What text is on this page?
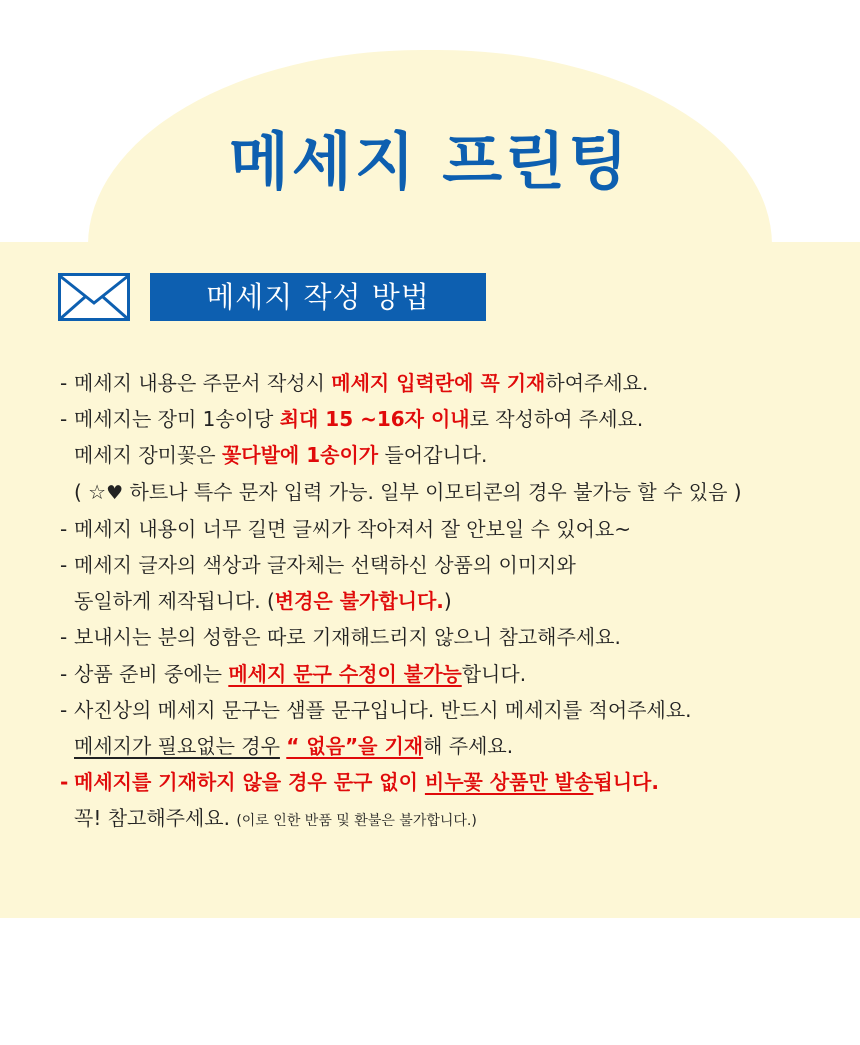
메세지 프린팅
메세지 작성 방법
- 메세지 내용은 주문서 작성시 메세지 입력란에 꼭 기재하여주세요.
- 메세지는 장미 1송이당 최대 15 ~16자 이내로 작성하여 주세요.
메세지 장미꽃은 꽃다발에 1송이가 들어갑니다.
( ☆♥ 하트나 특수 문자 입력 가능. 일부 이모티콘의 경우 불가능 할 수 있음 )
- 메세지 내용이 너무 길면 글씨가 작아져서 잘 안보일 수 있어요~
- 메세지 글자의 색상과 글자체는 선택하신 상품의 이미지와
동일하게 제작됩니다. (변경은 불가합니다.)
- 보내시는 분의 성함은 따로 기재해드리지 않으니 참고해주세요.
- 상품 준비 중에는 메세지 문구 수정이 불가능합니다.
- 사진상의 메세지 문구는 샘플 문구입니다. 반드시 메세지를 적어주세요.
메세지가 필요없는 경우 “ 없음”을 기재해 주세요.
- 메세지를 기재하지 않을 경우 문구 없이 비누꽃 상품만 발송됩니다.
꼭! 참고해주세요. (이로 인한 반품 및 환불은 불가합니다.)
